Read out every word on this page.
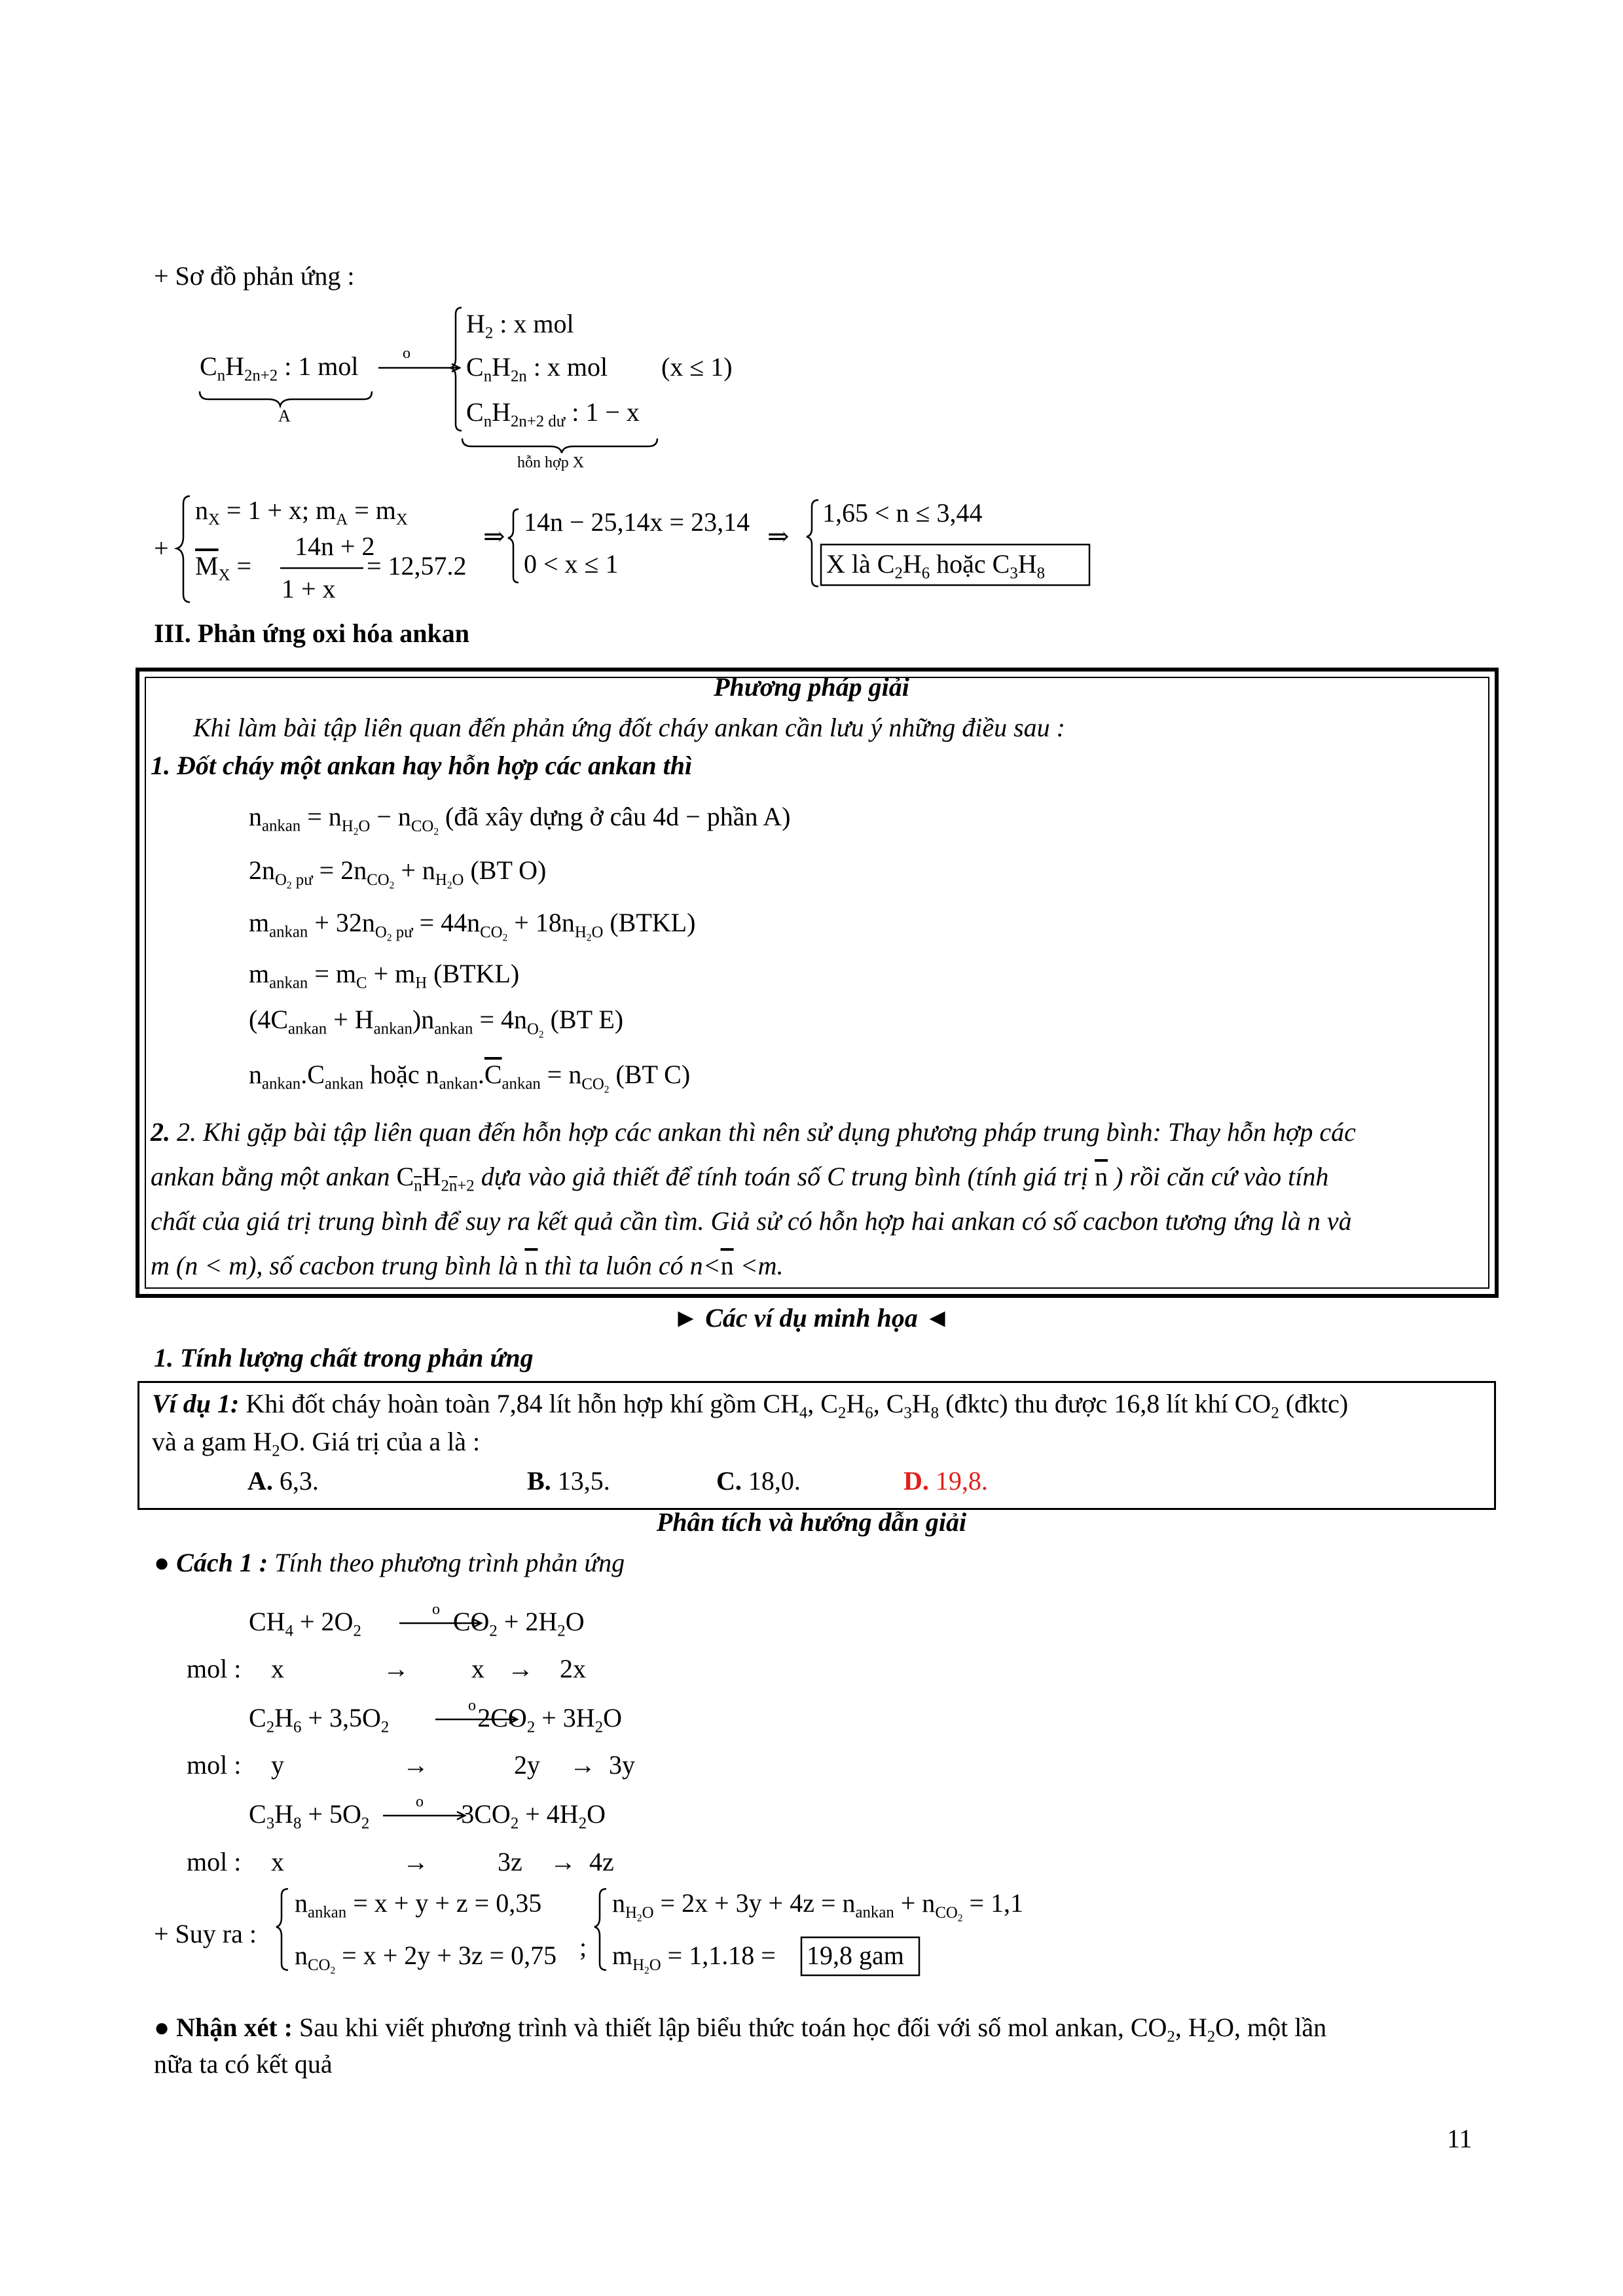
+ Sơ đồ phản ứng :
$C_nH_{2n+2}$ : 1 mol
A
o
$H_2$ : x mol
$C_nH_{2n}$ : x mol (x ≤ 1)
$C_nH_{2n+2 dư}$ : 1 − x
hỗn hợp X
+
$n_X = 1 + x$; $m_A = m_X$
$\overline{M}_X$ =
14n + 2
1 + x
= 12,57.2
⇒ 14n − 25,14x = 23,14
0 < x ≤ 1
⇒
1,65 < n ≤ 3,44
X là $C_2H_6$ hoặc $C_3H_8$
III. Phản ứng oxi hóa ankan
Phương pháp giải
Khi làm bài tập liên quan đến phản ứng đốt cháy ankan cần lưu ý những điều sau :
1. Đốt cháy một ankan hay hỗn hợp các ankan thì
$n_{ankan} = n_{H_2O} - n_{CO_2}$ (đã xây dựng ở câu 4d − phần A)
$2n_{O_2 pư} = 2n_{CO_2} + n_{H_2O}$ (BT O)
$m_{ankan} + 32n_{O_2 pư} = 44n_{CO_2} + 18n_{H_2O}$ (BTKL)
$m_{ankan} = m_C + m_H$ (BTKL)
$(4C_{ankan} + H_{ankan})n_{ankan} = 4n_{O_2}$ (BT E)
$n_{ankan}.C_{ankan}$ hoặc $n_{ankan}.\overline{C}_{ankan} = n_{CO_2}$ (BT C)
2. 2. Khi gặp bài tập liên quan đến hỗn hợp các ankan thì nên sử dụng phương pháp trung bình: Thay hỗn hợp các
ankan bằng một ankan $C_{\overline{n}}H_{2\overline{n}+2}$ dựa vào giả thiết để tính toán số C trung bình (tính giá trị $\overline{n}$ ) rồi căn cứ vào tính
chất của giá trị trung bình để suy ra kết quả cần tìm. Giả sử có hỗn hợp hai ankan có số cacbon tương ứng là n và
m (n < m), số cacbon trung bình là $\overline{n}$ thì ta luôn có $n<\overline{n} <m$.
► Các ví dụ minh họa ◄
1. Tính lượng chất trong phản ứng
Ví dụ 1: Khi đốt cháy hoàn toàn 7,84 lít hỗn hợp khí gồm $CH_4$, $C_2H_6$, $C_3H_8$ (đktc) thu được 16,8 lít khí $CO_2$ (đktc)
và a gam $H_2O$. Giá trị của a là :
A. 6,3.	B. 13,5.	C. 18,0.	D. 19,8.
Phân tích và hướng dẫn giải
● Cách 1 : Tính theo phương trình phản ứng
$CH_4 + 2O_2$	$CO_2 + 2H_2O$
mol : x	→ x → 2x
$C_2H_6 + 3,5O_2$	$2CO_2 + 3H_2O$
mol : y	→	2y → 3y
$C_3H_8 + 5O_2$	$3CO_2 + 4H_2O$
mol : x	→	3z → 4z
+ Suy ra :
$n_{ankan} = x + y + z = 0,35$
$n_{CO_2} = x + 2y + 3z = 0,75$ ;
$n_{H_2O} = 2x + 3y + 4z = n_{ankan} + n_{CO_2} = 1,1$
$m_{H_2O} = 1,1.18 = 19,8$ gam
● Nhận xét : Sau khi viết phương trình và thiết lập biểu thức toán học đối với số mol ankan, $CO_2$, $H_2O$, một lần
nữa ta có kết quả
11
o
o
o
